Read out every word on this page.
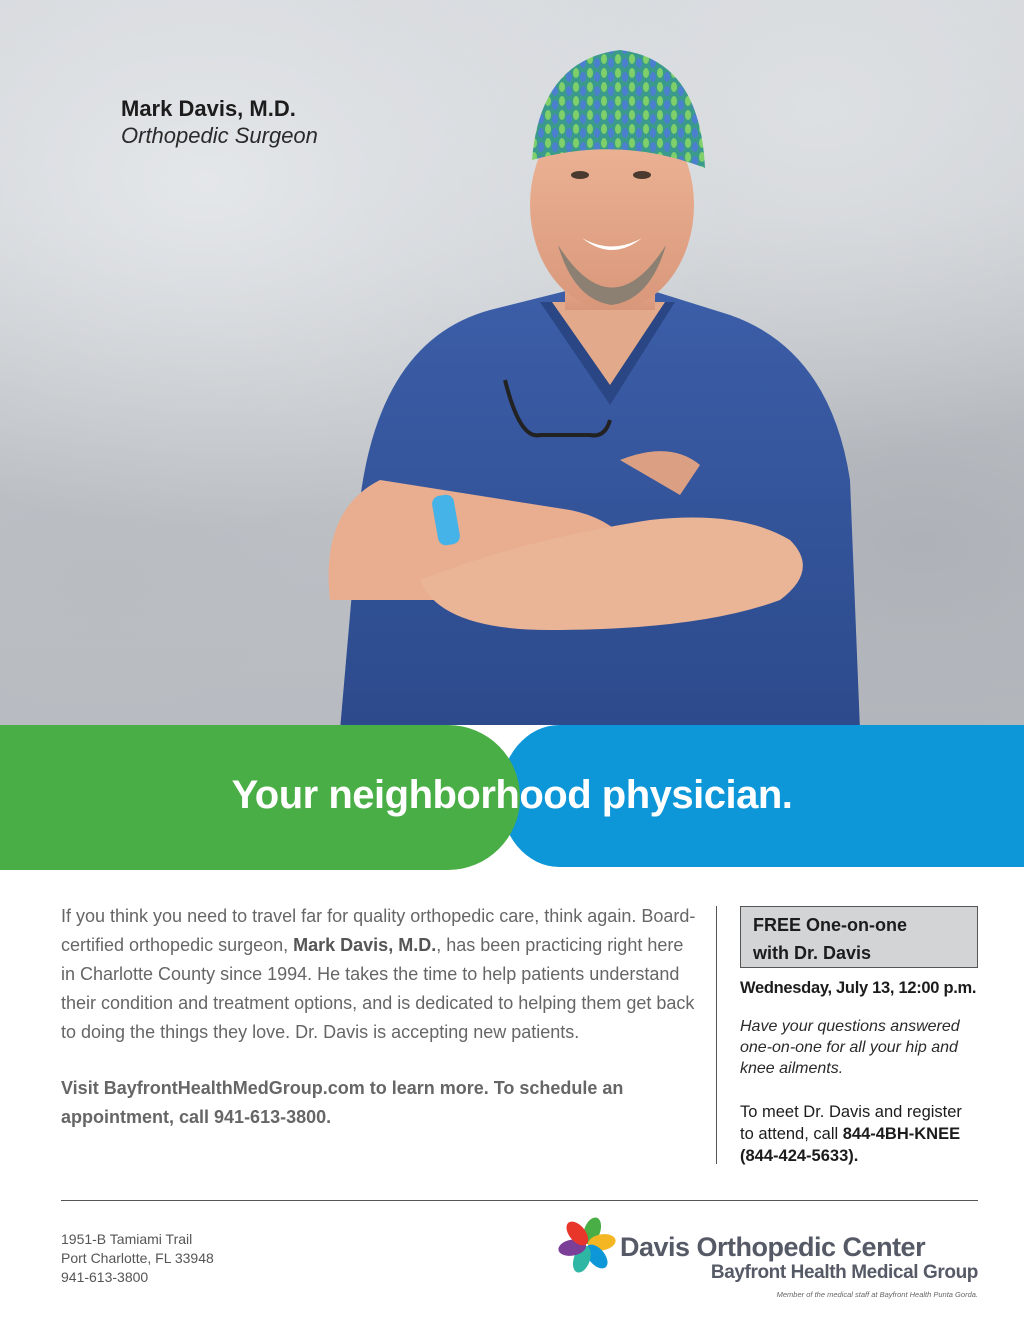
Mark Davis, M.D.
Orthopedic Surgeon
Your neighborhood physician.

If you think you need to travel far for quality orthopedic care, think again. Board-certified orthopedic surgeon, Mark Davis, M.D., has been practicing right here in Charlotte County since 1994. He takes the time to help patients understand their condition and treatment options, and is dedicated to helping them get back to doing the things they love. Dr. Davis is accepting new patients.

Visit BayfrontHealthMedGroup.com to learn more. To schedule an appointment, call 941-613-3800.

FREE One-on-one
with Dr. Davis
Wednesday, July 13, 12:00 p.m.
Have your questions answered one-on-one for all your hip and knee ailments.
To meet Dr. Davis and register to attend, call 844-4BH-KNEE (844-424-5633).
1951-B Tamiami Trail
Port Charlotte, FL 33948
941-613-3800
Davis Orthopedic Center
Bayfront Health Medical Group
Member of the medical staff at Bayfront Health Punta Gorda.
